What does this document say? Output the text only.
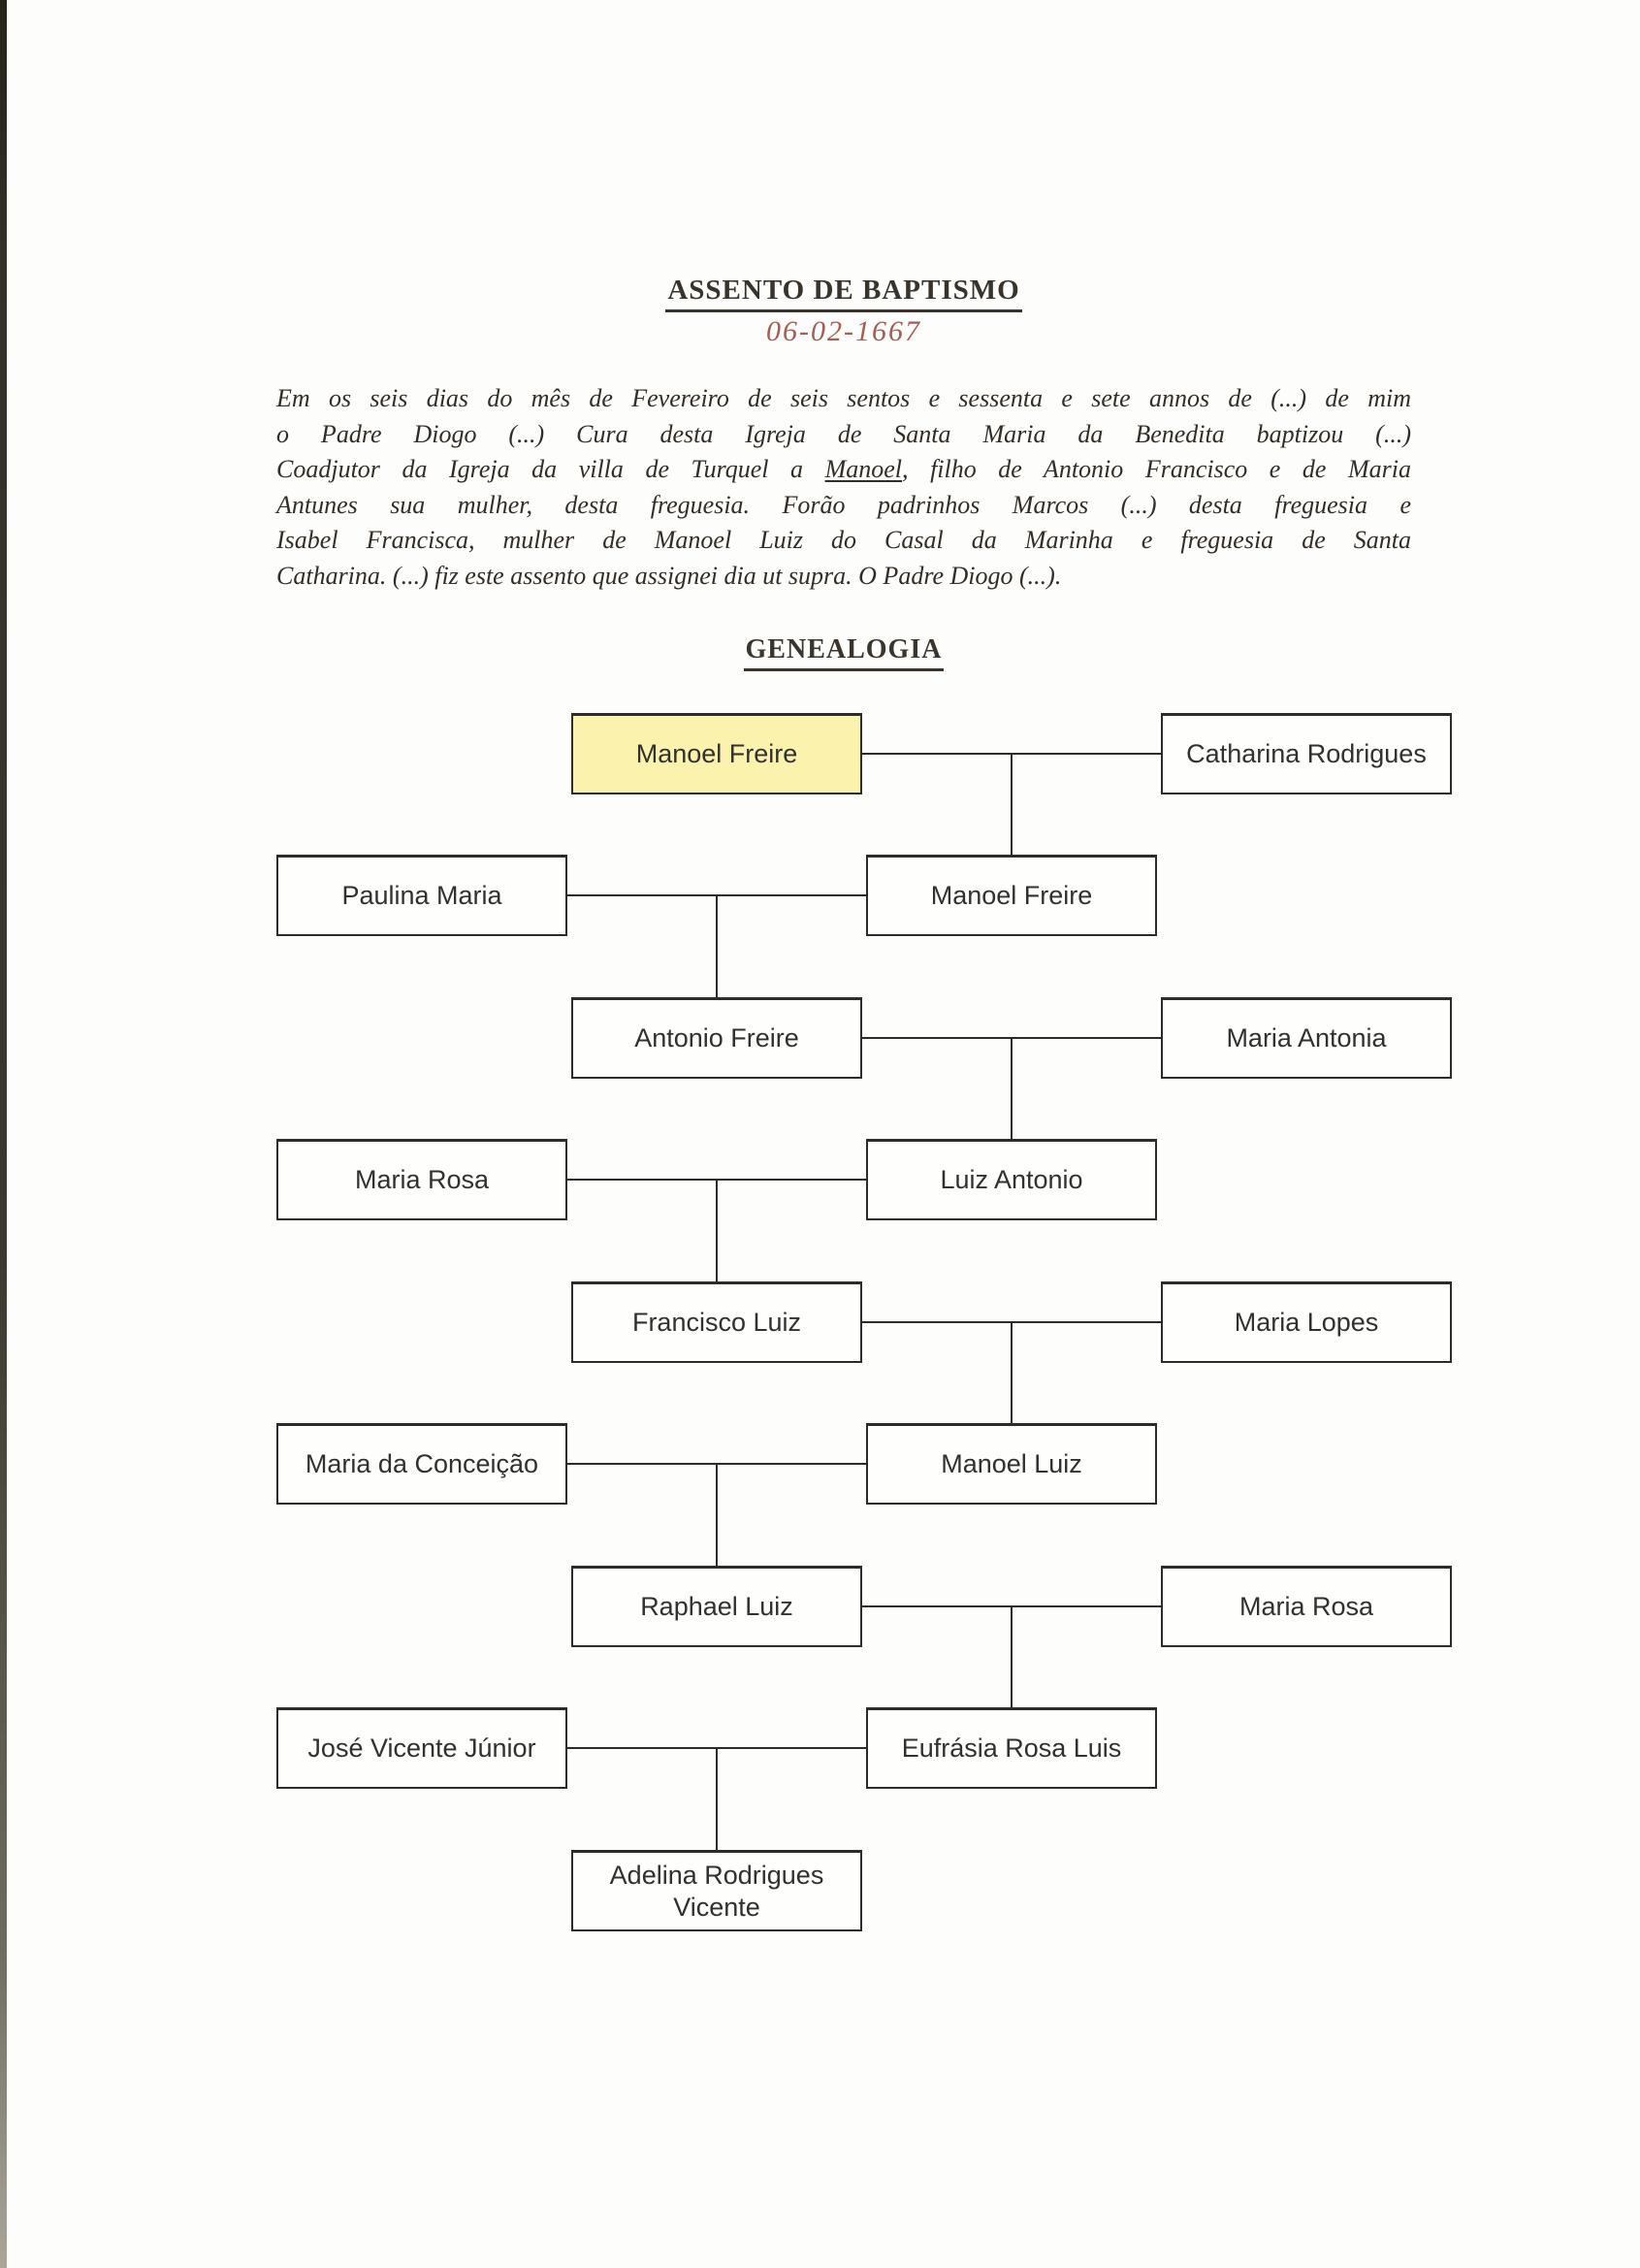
ASSENTO DE BAPTISMO
06-02-1667
Em os seis dias do mês de Fevereiro de seis sentos e sessenta e sete annos de (...) de mim
o Padre Diogo (...) Cura desta Igreja de Santa Maria da Benedita baptizou (...)
Coadjutor da Igreja da villa de Turquel a Manoel, filho de Antonio Francisco e de Maria
Antunes sua mulher, desta freguesia. Forão padrinhos Marcos (...) desta freguesia e
Isabel Francisca, mulher de Manoel Luiz do Casal da Marinha e freguesia de Santa
Catharina. (...) fiz este assento que assignei dia ut supra. O Padre Diogo (...).
GENEALOGIA
Manoel Freire	Catharina Rodrigues
Paulina Maria	Manoel Freire
Antonio Freire	Maria Antonia
Maria Rosa	Luiz Antonio
Francisco Luiz	Maria Lopes
Maria da Conceição	Manoel Luiz
Raphael Luiz	Maria Rosa
José Vicente Júnior	Eufrásia Rosa Luis
Adelina Rodrigues Vicente
